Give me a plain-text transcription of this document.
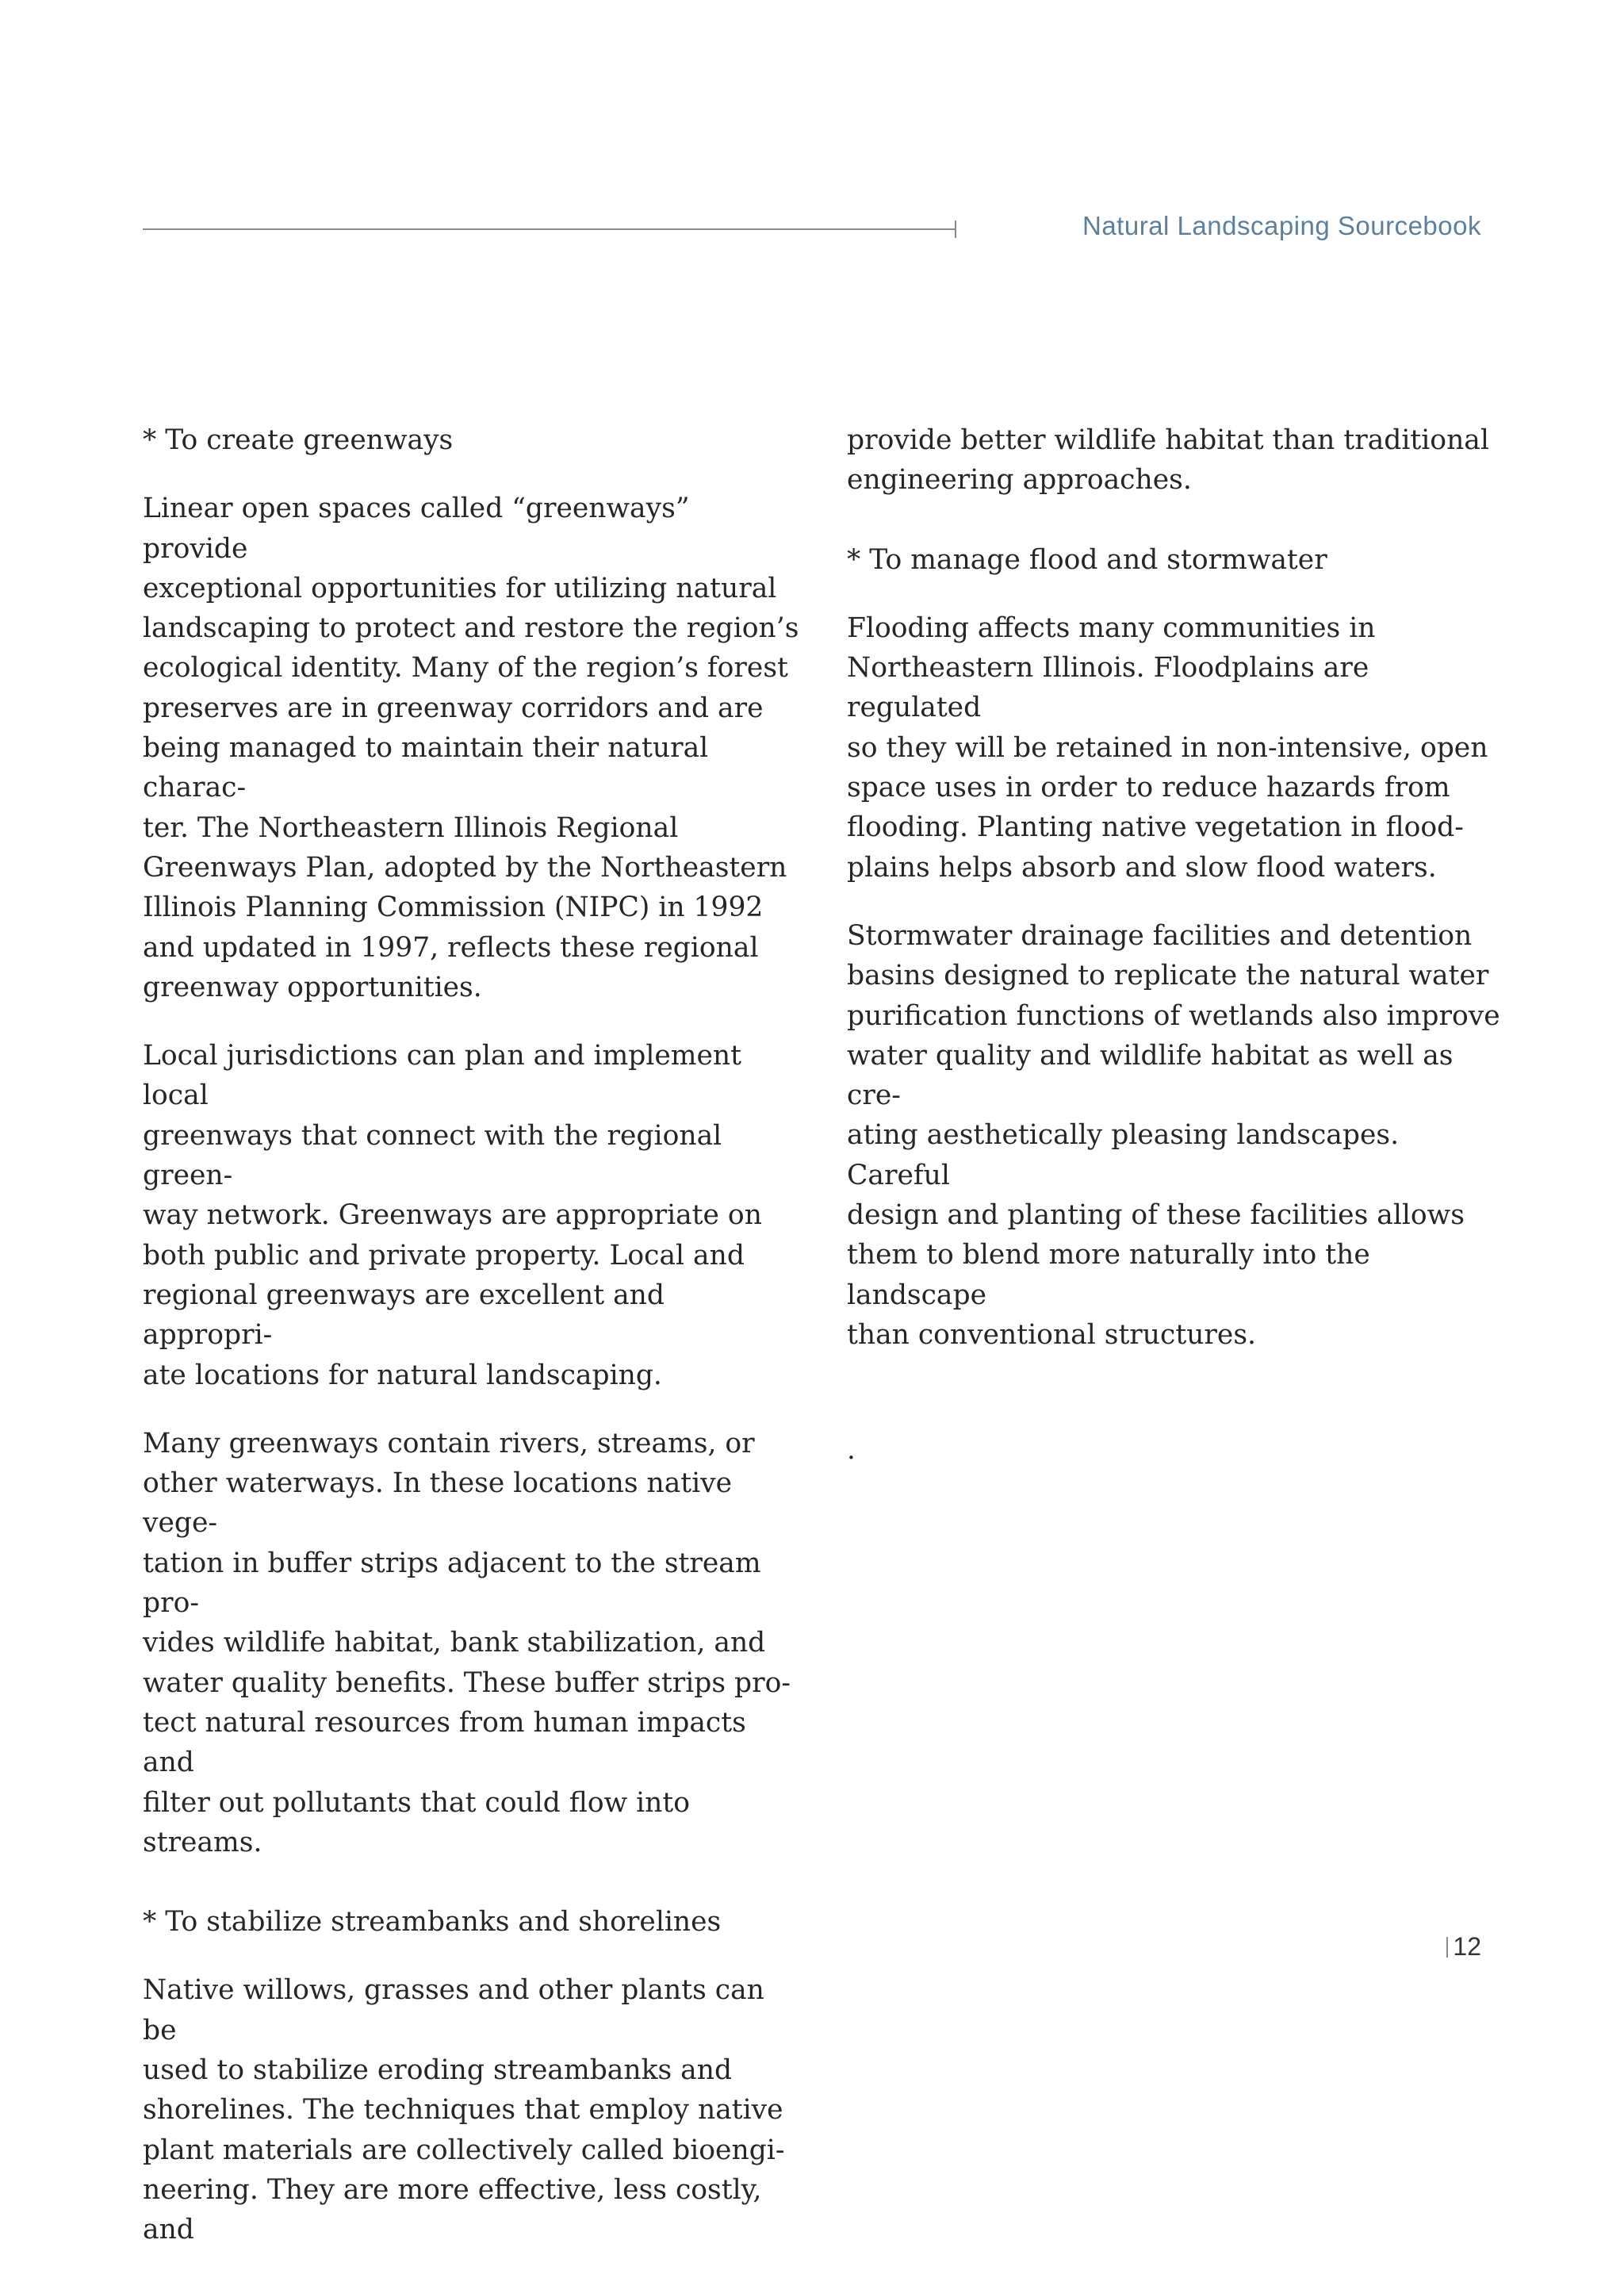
Natural Landscaping Sourcebook

* To create greenways

Linear open spaces called “greenways” provide
exceptional opportunities for utilizing natural
landscaping to protect and restore the region’s
ecological identity. Many of the region’s forest
preserves are in greenway corridors and are
being managed to maintain their natural charac-
ter. The Northeastern Illinois Regional
Greenways Plan, adopted by the Northeastern
Illinois Planning Commission (NIPC) in 1992
and updated in 1997, reflects these regional
greenway opportunities.

Local jurisdictions can plan and implement local
greenways that connect with the regional green-
way network. Greenways are appropriate on
both public and private property. Local and
regional greenways are excellent and appropri-
ate locations for natural landscaping.

Many greenways contain rivers, streams, or
other waterways. In these locations native vege-
tation in buffer strips adjacent to the stream pro-
vides wildlife habitat, bank stabilization, and
water quality benefits. These buffer strips pro-
tect natural resources from human impacts and
filter out pollutants that could flow into streams.

* To stabilize streambanks and shorelines

Native willows, grasses and other plants can be
used to stabilize eroding streambanks and
shorelines. The techniques that employ native
plant materials are collectively called bioengi-
neering. They are more effective, less costly, and

provide better wildlife habitat than traditional
engineering approaches.

* To manage flood and stormwater

Flooding affects many communities in
Northeastern Illinois. Floodplains are regulated
so they will be retained in non-intensive, open
space uses in order to reduce hazards from
flooding. Planting native vegetation in flood-
plains helps absorb and slow flood waters.

Stormwater drainage facilities and detention
basins designed to replicate the natural water
purification functions of wetlands also improve
water quality and wildlife habitat as well as cre-
ating aesthetically pleasing landscapes. Careful
design and planting of these facilities allows
them to blend more naturally into the landscape
than conventional structures.

.
12
